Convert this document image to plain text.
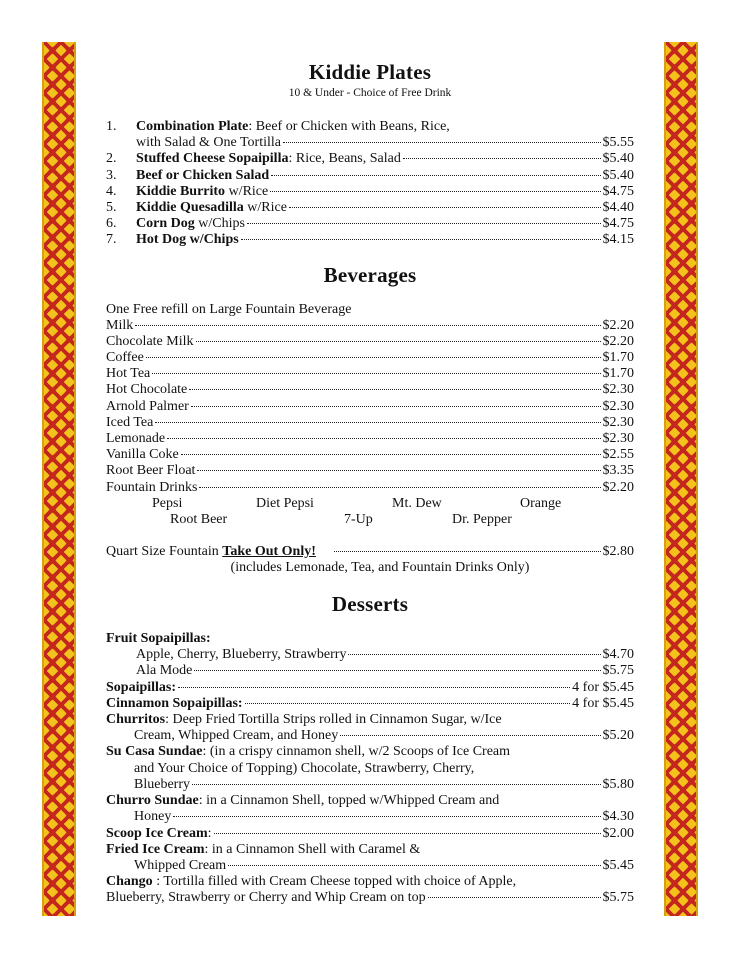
Kiddie Plates
10 & Under - Choice of Free Drink
1.	Combination Plate: Beef or Chicken with Beans, Rice,
with Salad & One Tortilla	$5.55
2.	Stuffed Cheese Sopaipilla: Rice, Beans, Salad	$5.40
3.	Beef or Chicken Salad	$5.40
4.	Kiddie Burrito w/Rice	$4.75
5.	Kiddie Quesadilla w/Rice	$4.40
6.	Corn Dog w/Chips	$4.75
7.	Hot Dog w/Chips	$4.15
Beverages
One Free refill on Large Fountain Beverage
Milk	$2.20
Chocolate Milk	$2.20
Coffee	$1.70
Hot Tea	$1.70
Hot Chocolate	$2.30
Arnold Palmer	$2.30
Iced Tea	$2.30
Lemonade	$2.30
Vanilla Coke	$2.55
Root Beer Float	$3.35
Fountain Drinks	$2.20
Pepsi	Diet Pepsi	Mt. Dew	Orange
Root Beer	7-Up	Dr. Pepper
Quart Size Fountain
Take Out Only!	$2.80
(includes Lemonade, Tea, and Fountain Drinks Only)
Desserts
Fruit Sopaipillas:
Apple, Cherry, Blueberry, Strawberry	$4.70
Ala Mode	$5.75
Sopaipillas:	4 for $5.45
Cinnamon Sopaipillas:	4 for $5.45
Churritos: Deep Fried Tortilla Strips rolled in Cinnamon Sugar, w/Ice
Cream, Whipped Cream, and Honey	$5.20
Su Casa Sundae: (in a crispy cinnamon shell, w/2 Scoops of Ice Cream
and Your Choice of Topping) Chocolate, Strawberry, Cherry,
Blueberry	$5.80
Churro Sundae: in a Cinnamon Shell, topped w/Whipped Cream and
Honey	$4.30
Scoop Ice Cream :	$2.00
Fried Ice Cream: in a Cinnamon Shell with Caramel &
Whipped Cream	$5.45
Chango : Tortilla filled with Cream Cheese topped with choice of Apple,
Blueberry, Strawberry or Cherry and Whip Cream on top	$5.75
